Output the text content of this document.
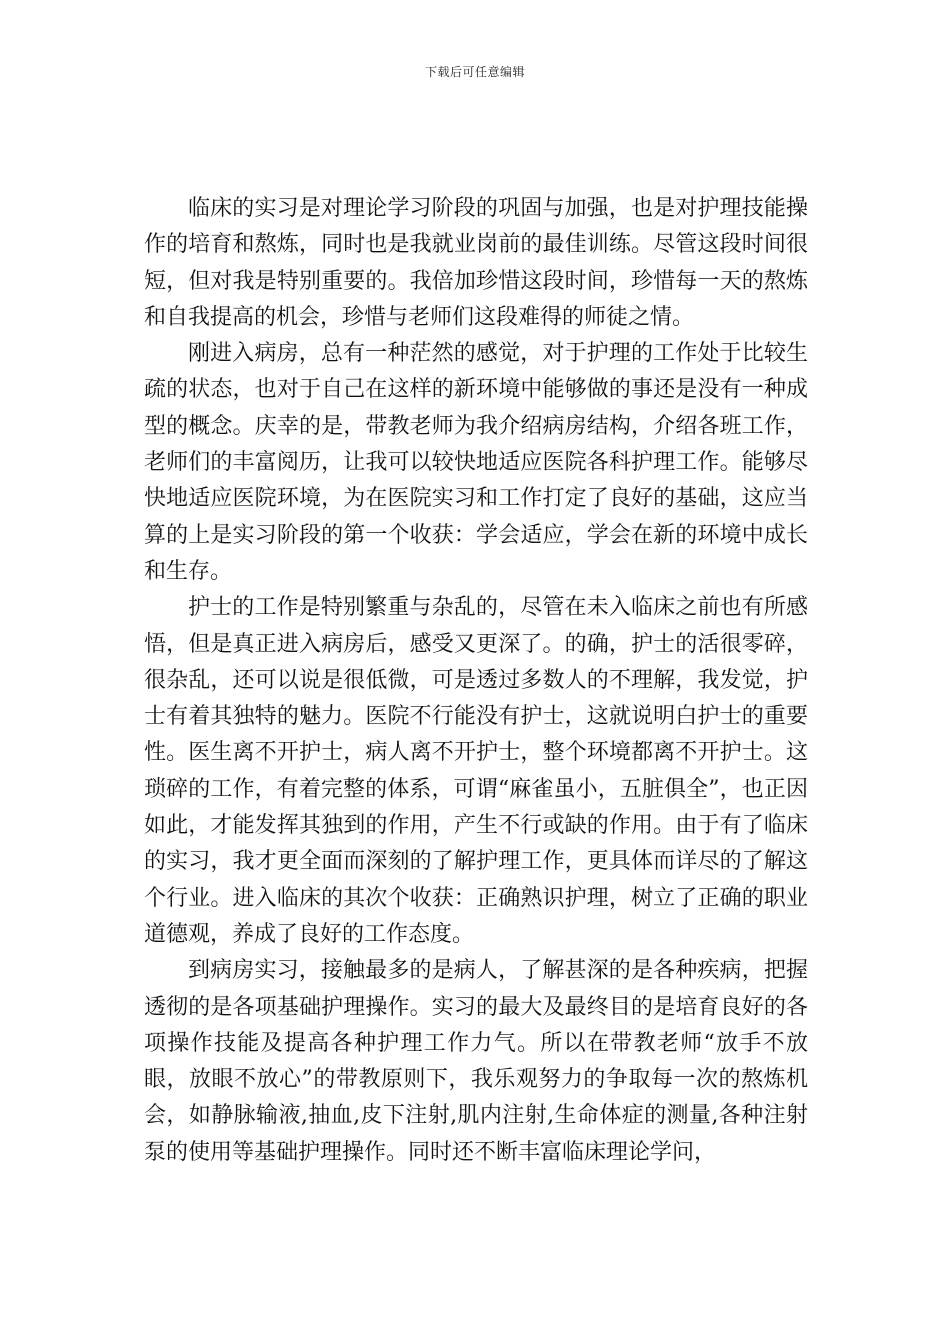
下载后可任意编辑

临床的实习是对理论学习阶段的巩固与加强，也是对护理技能操作的培育和熬炼，同时也是我就业岗前的最佳训练。尽管这段时间很短，但对我是特别重要的。我倍加珍惜这段时间，珍惜每一天的熬炼和自我提高的机会，珍惜与老师们这段难得的师徒之情。

刚进入病房，总有一种茫然的感觉，对于护理的工作处于比较生疏的状态，也对于自己在这样的新环境中能够做的事还是没有一种成型的概念。庆幸的是，带教老师为我介绍病房结构，介绍各班工作，老师们的丰富阅历，让我可以较快地适应医院各科护理工作。能够尽快地适应医院环境，为在医院实习和工作打定了良好的基础，这应当算的上是实习阶段的第一个收获：学会适应，学会在新的环境中成长和生存。

护士的工作是特别繁重与杂乱的，尽管在未入临床之前也有所感悟，但是真正进入病房后，感受又更深了。的确，护士的活很零碎，很杂乱，还可以说是很低微，可是透过多数人的不理解，我发觉，护士有着其独特的魅力。医院不行能没有护士，这就说明白护士的重要性。医生离不开护士，病人离不开护士，整个环境都离不开护士。这琐碎的工作，有着完整的体系，可谓“麻雀虽小，五脏俱全”，也正因如此，才能发挥其独到的作用，产生不行或缺的作用。由于有了临床的实习，我才更全面而深刻的了解护理工作，更具体而详尽的了解这个行业。进入临床的其次个收获：正确熟识护理，树立了正确的职业道德观，养成了良好的工作态度。

到病房实习，接触最多的是病人，了解甚深的是各种疾病，把握透彻的是各项基础护理操作。实习的最大及最终目的是培育良好的各项操作技能及提高各种护理工作力气。所以在带教老师“放手不放眼，放眼不放心”的带教原则下，我乐观努力的争取每一次的熬炼机会，如静脉输液,抽血,皮下注射,肌内注射,生命体症的测量,各种注射泵的使用等基础护理操作。同时还不断丰富临床理论学问，
